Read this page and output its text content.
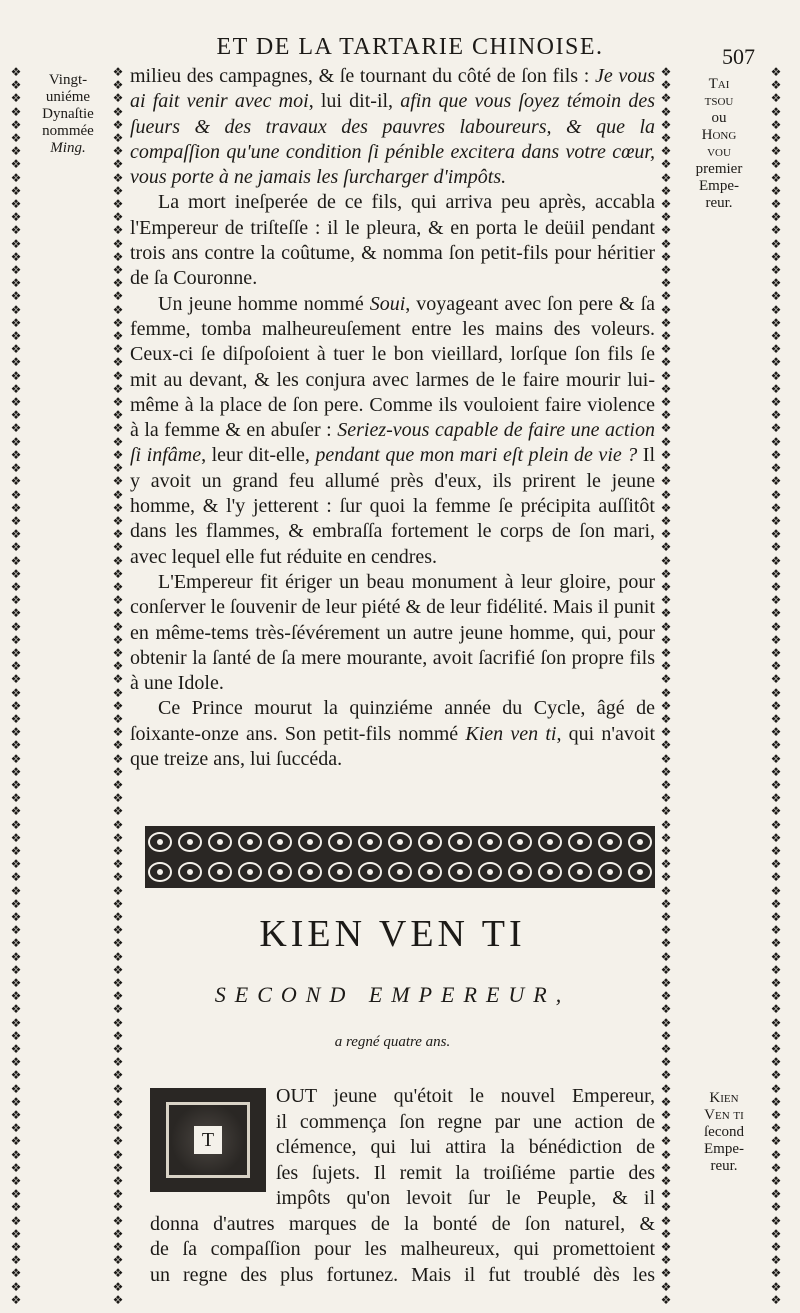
ET DE LA TARTARIE CHINOISE.	507
❖
❖
❖
❖
❖
❖
❖
❖
❖
❖
❖
❖
❖
❖
❖
❖
❖
❖
❖
❖
❖
❖
❖
❖
❖
❖
❖
❖
❖
❖
❖
❖
❖
❖
❖
❖
❖
❖
❖
❖
❖
❖
❖
❖
❖
❖
❖
❖
❖
❖
❖
❖
❖
❖
❖
❖
❖
❖
❖
❖
❖
❖
❖
❖
❖
❖
❖
❖
❖
❖
❖
❖
❖
❖
❖
❖
❖
❖
❖
❖
❖
❖
❖
❖
❖
❖
❖
❖
❖
❖
❖
❖
❖
❖
❖
❖
❖
❖
❖
❖
❖
❖
❖
❖
❖
❖
❖
❖
❖
❖
❖
❖
❖
❖
❖
❖
❖
❖
❖
❖
❖
❖
❖
❖
❖
❖
❖
❖
❖
❖
❖
❖
❖
❖
❖
❖
❖
❖
❖
❖
❖
❖
❖
❖
❖
❖
❖
❖
❖
❖
❖
❖
❖
❖
❖
❖
❖
❖
❖
❖
❖
❖
❖
❖
❖
❖
❖
❖
❖
❖
❖
❖
❖
❖
❖
❖
❖
❖
❖
❖
❖
❖
❖
❖
❖
❖
❖
❖
❖
❖
❖
❖
❖
❖
❖
❖
❖
❖
❖
❖
❖
❖
❖
❖
❖
❖
❖
❖
❖
❖
❖
❖
❖
❖
❖
❖
❖
❖
❖
❖
❖
❖
❖
❖
❖
❖
❖
❖
❖
❖
❖
❖
❖
❖
❖
❖
❖
❖
❖
❖
❖
❖
❖
❖
❖
❖
❖
❖
❖
❖
❖
❖
❖
❖
❖
❖
❖
❖
❖
❖
❖
❖
❖
❖
❖
❖
❖
❖
❖
❖
❖
❖
❖
❖
❖
❖
❖
❖
❖
❖
❖
❖
❖
❖
❖
❖
❖
❖
❖
❖
❖
❖
❖
❖
❖
❖
❖
❖
❖
❖
❖
❖
❖
❖
❖
❖
❖
❖
❖
❖
❖
❖
❖
❖
❖
❖
❖
❖
❖
❖
❖
❖
❖
❖
❖
❖
❖
❖
❖
❖
❖
❖
❖
❖
❖
❖
❖
❖
❖
❖
❖
❖
❖
❖
❖
❖
❖
❖
❖
❖
❖
❖
❖
❖
❖
❖
❖
❖
❖
❖
❖
❖
❖
❖
❖
❖
❖
❖
❖
❖
❖
❖
❖
❖
❖
❖
Vingt-
uniéme
Dynaſtie
nommée
Ming.
Tai
tsou
ou
Hong
vou
premier
Empe-
reur.
Kien
Ven ti
ſecond
Empe-
reur.

milieu des campagnes, & ſe tournant du côté de ſon fils : Je vous ai fait venir avec moi, lui dit-il, afin que vous ſoyez témoin des ſueurs & des travaux des pauvres laboureurs, & que la compaſſion qu'une condition ſi pénible excitera dans votre cœur, vous porte à ne jamais les ſurcharger d'impôts.

La mort ineſperée de ce fils, qui arriva peu après, accabla l'Empereur de triſteſſe : il le pleura, & en porta le deüil pendant trois ans contre la coûtume, & nomma ſon petit-fils pour héritier de ſa Couronne.

Un jeune homme nommé Soui, voyageant avec ſon pere & ſa femme, tomba malheureuſement entre les mains des voleurs. Ceux-ci ſe diſpoſoient à tuer le bon vieillard, lorſque ſon fils ſe mit au devant, & les conjura avec larmes de le faire mourir lui-même à la place de ſon pere. Comme ils vouloient faire violence à la femme & en abuſer : Seriez-vous capable de faire une action ſi infâme, leur dit-elle, pendant que mon mari eſt plein de vie ? Il y avoit un grand feu allumé près d'eux, ils prirent le jeune homme, & l'y jetterent : ſur quoi la femme ſe précipita auſſitôt dans les flammes, & embraſſa fortement le corps de ſon mari, avec lequel elle fut réduite en cendres.

L'Empereur fit ériger un beau monument à leur gloire, pour conſerver le ſouvenir de leur piété & de leur fidélité. Mais il punit en même-tems très-ſévérement un autre jeune homme, qui, pour obtenir la ſanté de ſa mere mourante, avoit ſacrifié ſon propre fils à une Idole.

Ce Prince mourut la quinziéme année du Cycle, âgé de ſoixante-onze ans. Son petit-fils nommé Kien ven ti, qui n'avoit que treize ans, lui ſuccéda.

KIEN VEN TI
SECOND EMPEREUR,
a regné quatre ans.
T
OUT jeune qu'étoit le nouvel Empereur,
il commença ſon regne par une action de
clémence, qui lui attira la bénédiction de
ſes ſujets. Il remit la troiſiéme partie des
impôts qu'on levoit ſur le Peuple, & il
donna d'autres marques de la bonté de ſon naturel, &
de ſa compaſſion pour les malheureux, qui promettoient
un regne des plus fortunez. Mais il fut troublé dès les
